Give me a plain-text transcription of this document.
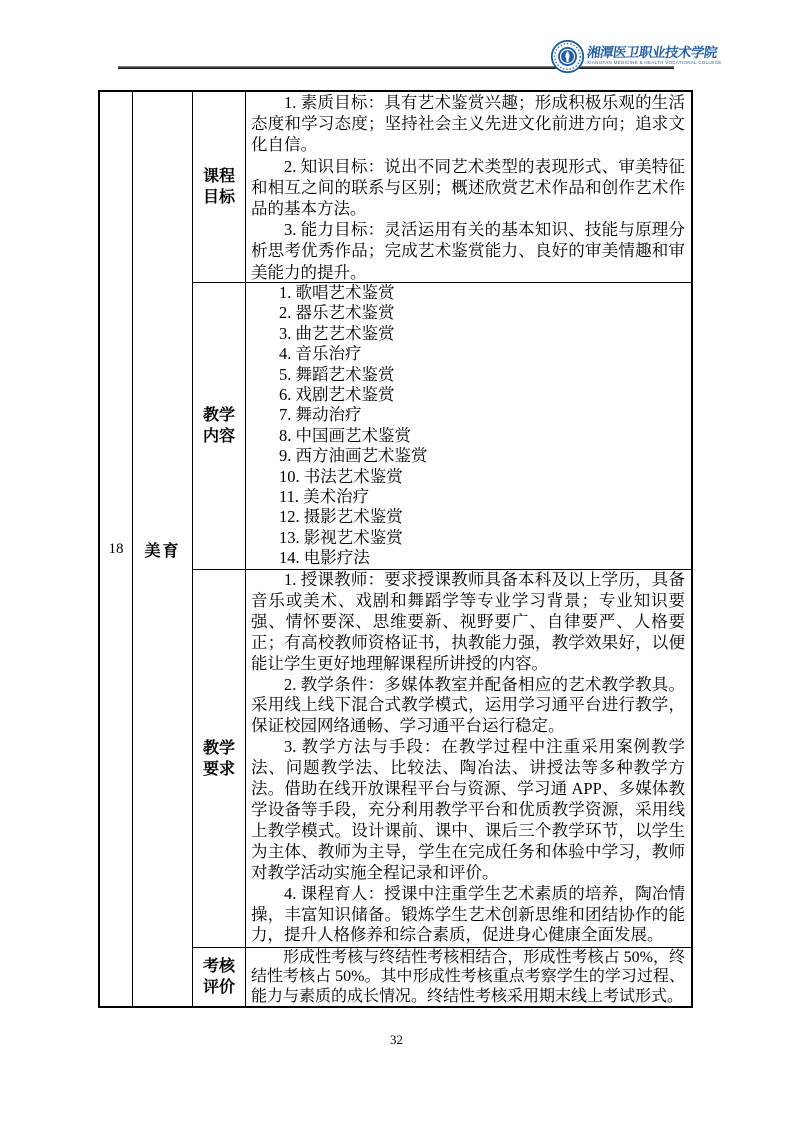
湘潭医卫职业技术学院
XIANGTAN MEDICINE & HEALTH VOCATIONAL COLLEGE
18	美育
课程目标

1. 素质目标：具有艺术鉴赏兴趣；形成积极乐观的生活态度和学习态度；坚持社会主义先进文化前进方向；追求文化自信。

2. 知识目标：说出不同艺术类型的表现形式、审美特征和相互之间的联系与区别；概述欣赏艺术作品和创作艺术作品的基本方法。

3. 能力目标：灵活运用有关的基本知识、技能与原理分析思考优秀作品；完成艺术鉴赏能力、良好的审美情趣和审美能力的提升。

教学内容
1. 歌唱艺术鉴赏
2. 器乐艺术鉴赏
3. 曲艺艺术鉴赏
4. 音乐治疗
5. 舞蹈艺术鉴赏
6. 戏剧艺术鉴赏
7. 舞动治疗
8. 中国画艺术鉴赏
9. 西方油画艺术鉴赏
10. 书法艺术鉴赏
11. 美术治疗
12. 摄影艺术鉴赏
13. 影视艺术鉴赏
14. 电影疗法
教学要求

1. 授课教师：要求授课教师具备本科及以上学历，具备音乐或美术、戏剧和舞蹈学等专业学习背景；专业知识要强、情怀要深、思维要新、视野要广、自律要严、人格要正；有高校教师资格证书，执教能力强，教学效果好，以便能让学生更好地理解课程所讲授的内容。

2. 教学条件：多媒体教室并配备相应的艺术教学教具。采用线上线下混合式教学模式，运用学习通平台进行教学，保证校园网络通畅、学习通平台运行稳定。

3. 教学方法与手段：在教学过程中注重采用案例教学法、问题教学法、比较法、陶冶法、讲授法等多种教学方法。借助在线开放课程平台与资源、学习通 APP、多媒体教学设备等手段，充分利用教学平台和优质教学资源，采用线上教学模式。设计课前、课中、课后三个教学环节，以学生为主体、教师为主导，学生在完成任务和体验中学习，教师对教学活动实施全程记录和评价。

4. 课程育人：授课中注重学生艺术素质的培养，陶冶情操，丰富知识储备。锻炼学生艺术创新思维和团结协作的能力，提升人格修养和综合素质，促进身心健康全面发展。

考核评价

形成性考核与终结性考核相结合，形成性考核占 50%，终结性考核占 50%。其中形成性考核重点考察学生的学习过程、能力与素质的成长情况。终结性考核采用期末线上考试形式。

32
